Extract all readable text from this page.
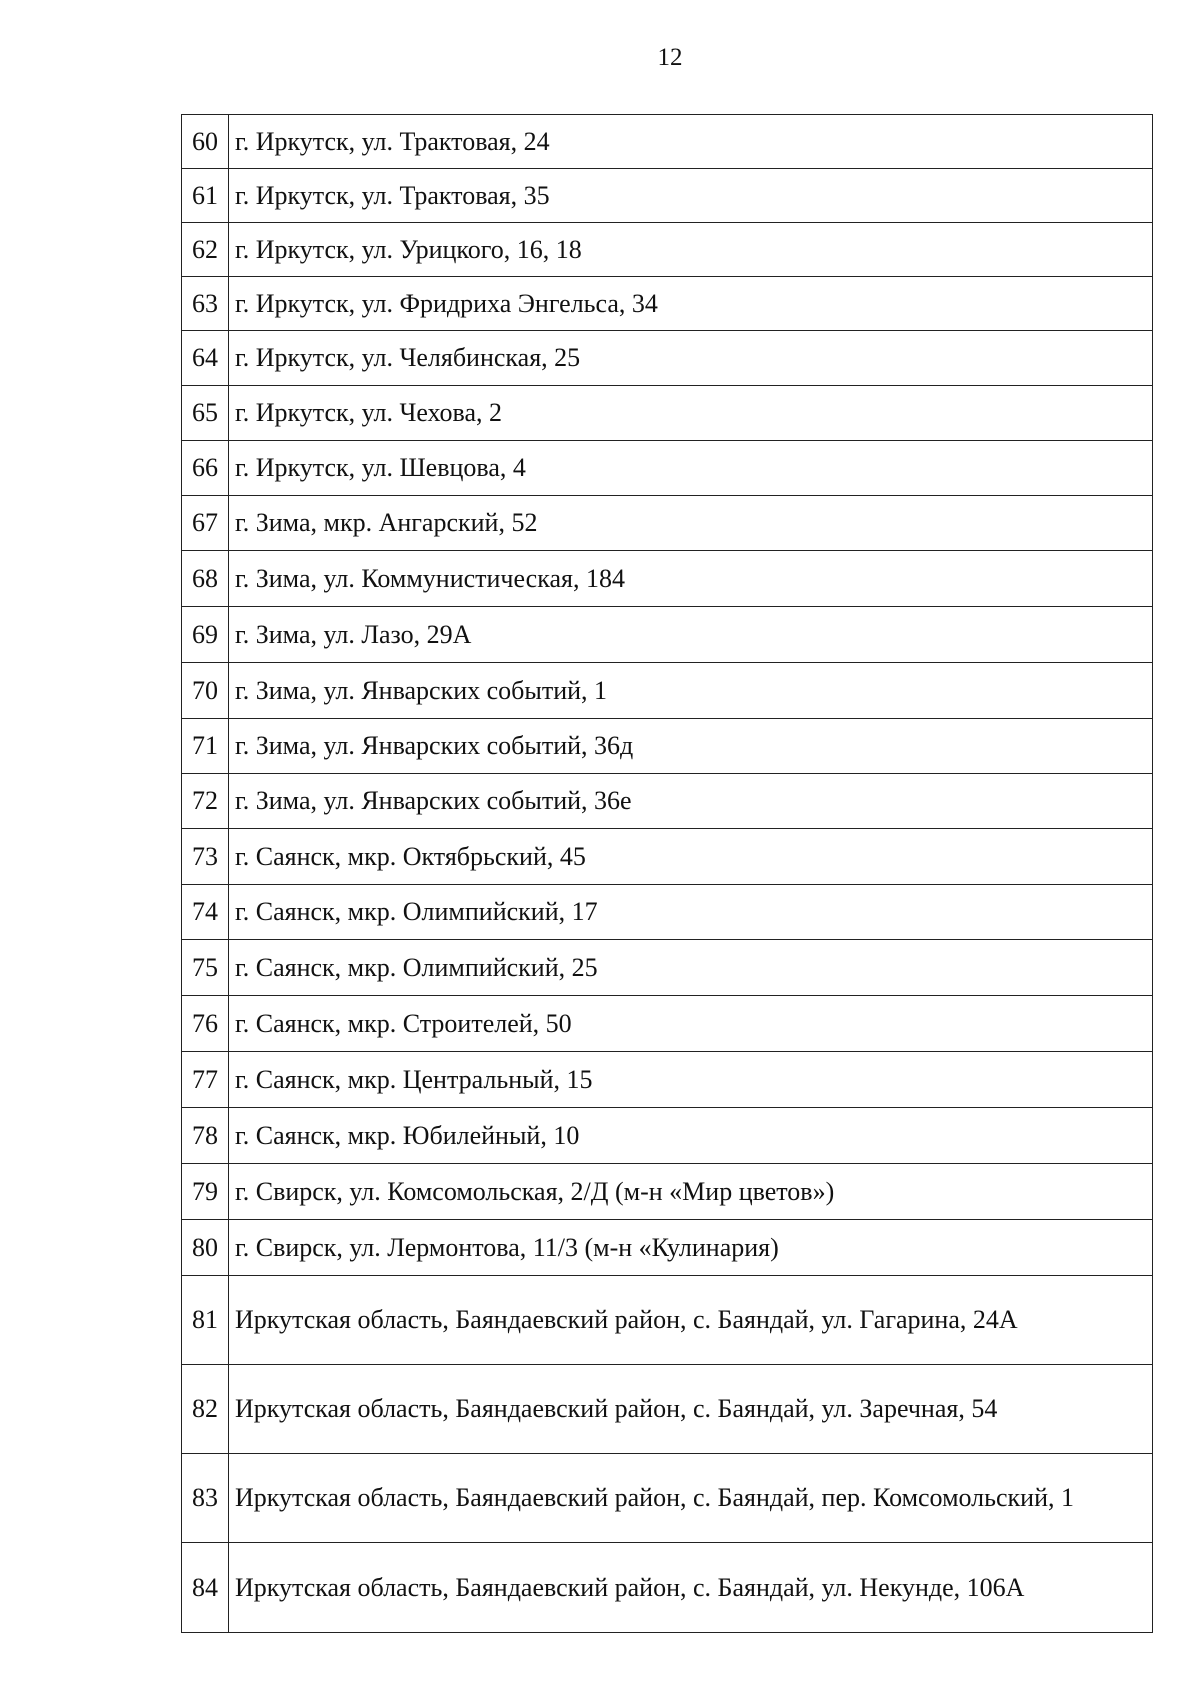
12
60	г. Иркутск, ул. Трактовая, 24
61	г. Иркутск, ул. Трактовая, 35
62	г. Иркутск, ул. Урицкого, 16, 18
63	г. Иркутск, ул. Фридриха Энгельса, 34
64	г. Иркутск, ул. Челябинская, 25
65	г. Иркутск, ул. Чехова, 2
66	г. Иркутск, ул. Шевцова, 4
67	г. Зима, мкр. Ангарский, 52
68	г. Зима, ул. Коммунистическая, 184
69	г. Зима, ул. Лазо, 29А
70	г. Зима, ул. Январских событий, 1
71	г. Зима, ул. Январских событий, 36д
72	г. Зима, ул. Январских событий, 36е
73	г. Саянск, мкр. Октябрьский, 45
74	г. Саянск, мкр. Олимпийский, 17
75	г. Саянск, мкр. Олимпийский, 25
76	г. Саянск, мкр. Строителей, 50
77	г. Саянск, мкр. Центральный, 15
78	г. Саянск, мкр. Юбилейный, 10
79	г. Свирск, ул. Комсомольская, 2/Д (м-н «Мир цветов»)
80	г. Свирск, ул. Лермонтова, 11/3 (м-н «Кулинария)
81	Иркутская область, Баяндаевский район, с. Баяндай, ул. Гагарина, 24А
82	Иркутская область, Баяндаевский район, с. Баяндай, ул. Заречная, 54
83	Иркутская область, Баяндаевский район, с. Баяндай, пер. Комсомольский, 1
84	Иркутская область, Баяндаевский район, с. Баяндай, ул. Некунде, 106А
